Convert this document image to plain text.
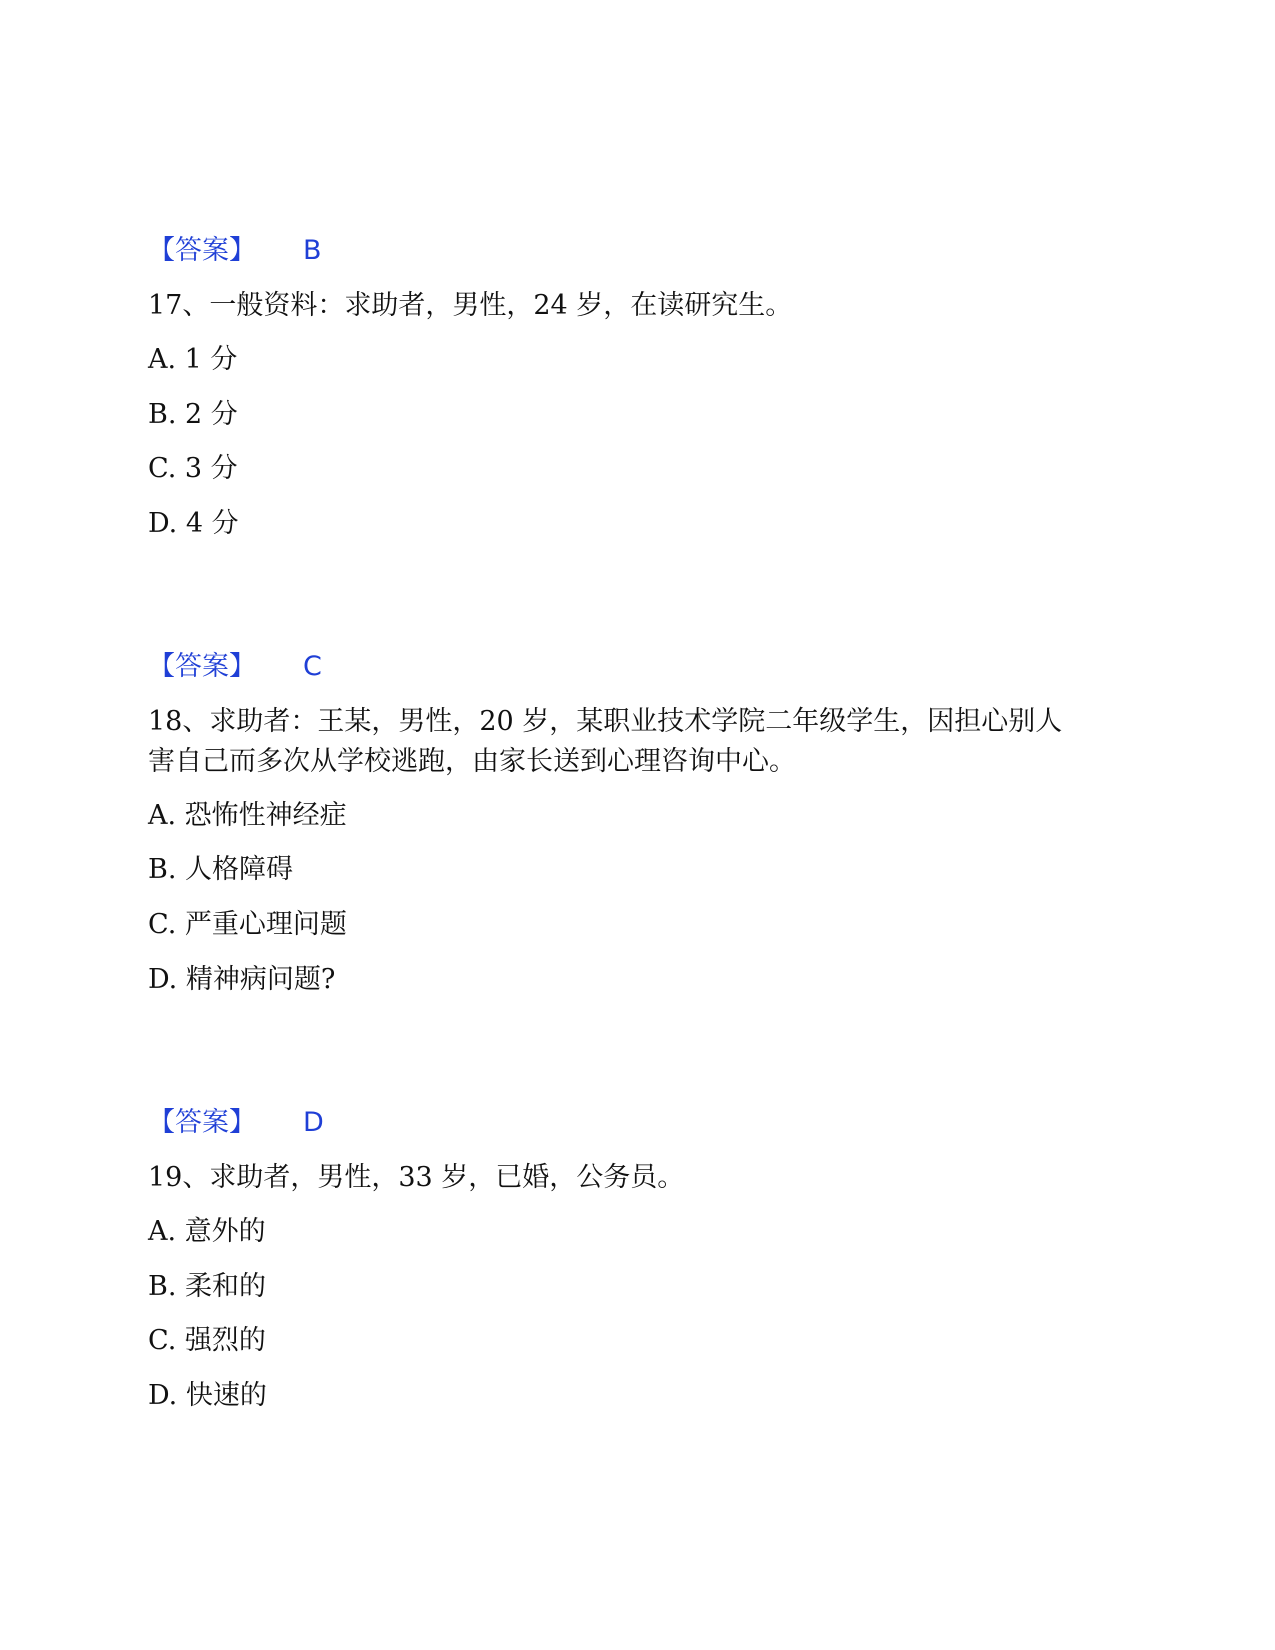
【答案】 B
17、一般资料：求助者，男性，24 岁，在读研究生。
A. 1 分
B. 2 分
C. 3 分
D. 4 分
【答案】 C
18、求助者：王某，男性，20 岁，某职业技术学院二年级学生，因担心别人
害自己而多次从学校逃跑，由家长送到心理咨询中心。
A. 恐怖性神经症
B. 人格障碍
C. 严重心理问题
D. 精神病问题?
【答案】 D
19、求助者，男性，33 岁，已婚，公务员。
A. 意外的
B. 柔和的
C. 强烈的
D. 快速的
